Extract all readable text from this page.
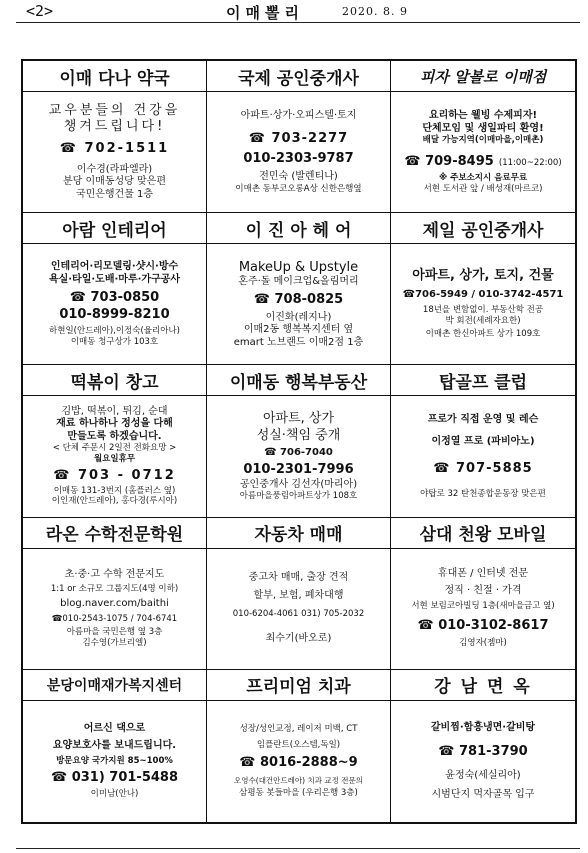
<2>	이매뽈리	2020. 8. 9
이매 다나 약국
교우분들의 건강을
챙겨드립니다!
☎ 702-1511
이수경(라파엘라)
분당 이매동성당 맞은편
국민은행건물 1층
국제 공인중개사
아파트·상가·오피스텔·토지
☎ 703-2277
010-2303-9787
전민숙 (발렌티나)
이매촌 동부코오롱A상 신한은행옆
피자 알볼로 이매점
요리하는 웰빙 수제피자!
단체모임 및 생일파티 환영!
배달 가능지역(이매마을,이매촌)
☎ 709-8495 (11:00~22:00)
※ 주보소지시 음료무료
서현 도서관 앞 / 배성재(마르코)
아람 인테리어
인테리어·리모델링·샷시·방수
욕실·타일·도배·마루·가구공사
☎ 703-0850
010-8999-8210
하현일(안드레아),이정숙(율리아나)
이매동 청구상가 103호
이 진 아 헤 어
MakeUp & Upstyle
혼주·돌 메이크업&올림머리
☎ 708-0825
이진화(레지나)
이매2동 행복복지센터 옆
emart 노브랜드 이매2점 1층
제일 공인중개사
아파트, 상가, 토지, 건물
☎706-5949 / 010-3742-4571
18년을 변함없이. 부동산학 전공
박 회전(세례자요한)
이매촌 한신아파트 상가 109호
떡볶이 창고
김밥, 떡볶이, 튀김, 순대
재료 하나하나 정성을 다해
만들도록 하겠습니다.
< 단체 주문시 2일전 전화요망 >
월요일휴무
☎ 703 - 0712
이매동 131-3번지 (홈플러스 옆)
이인재(안드레아), 홍다경(루시아)
이매동 행복부동산
아파트, 상가
성실·책임 중개
☎ 706-7040
010-2301-7996
공인중개사 김선자(마리아)
아름마을풍림아파트상가 108호
탑골프 클럽
프로가 직접 운영 및 레슨
이정열 프로 (파비아노)
☎ 707-5885
야탑로 32 탄천종합운동장 맞은편
라온 수학전문학원
초·중·고 수학 전문지도
1:1 or 소규모 그룹지도(4명 이하)
blog.naver.com/baithi
☎010-2543-1075 / 704-6741
아름마을 국민은행 옆 3층
김수영(가브리엘)
자동차 매매
중고차 매매, 출장 견적
할부, 보험, 폐차대행
010-6204-4061 031) 705-2032
최수기(바오로)
삼대 천왕 모바일
휴대폰 / 인터넷 전문
정직 · 친절 · 가격
서현 보림코아빌딩 1층(새마을금고 옆)
☎ 010-3102-8617
김영자(젬마)
분당이매재가복지센터
어르신 댁으로
요양보호사를 보내드립니다.
방문요양 국가지원 85~100%
☎ 031) 701-5488
이미남(안나)
프리미엄 치과
성장/성인교정, 레이저 미백, CT
임플란트(오스템,독일)
☎ 8016-2888~9
오영수(대건안드레아) 치과 교정 전문의
삼평동 봇들마을 (우리은행 3층)
강 남 면 옥
갈비찜·함흥냉면·갈비탕
☎ 781-3790
윤정숙(세실리아)
시범단지 먹자골목 입구
